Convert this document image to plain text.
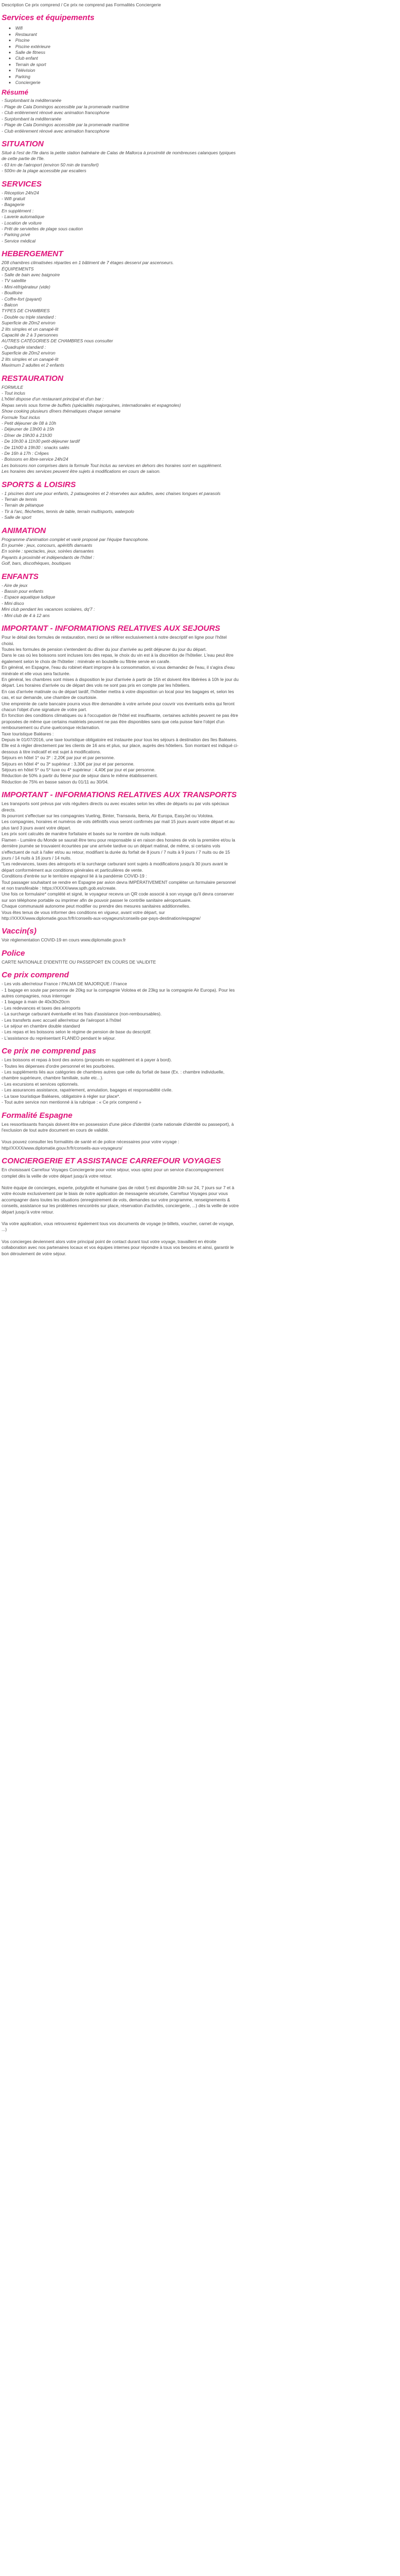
Description Ce prix comprend / Ce prix ne comprend pas Formalités Conciergerie

Services et équipements
• Wifi
• Restaurant
• Piscine
• Piscine extérieure
• Salle de fitness
• Club enfant
• Terrain de sport
• Télévision
• Parking
• Conciergerie
Résumé

- Surplombant la méditerranée

- Plage de Cala Domingos accessible par la promenade maritime

- Club entièrement rénové avec animation francophone

- Surplombant la méditerranée

- Plage de Cala Domingos accessible par la promenade maritime

- Club entièrement rénové avec animation francophone

SITUATION

Situé à l'est de l'île dans la petite station balnéaire de Calas de Mallorca à proximité de nombreuses calanques typiques

de cette partie de l'île.

- 63 km de l'aéroport (environ 50 min de transfert)

- 500m de la plage accessible par escaliers

SERVICES

- Réception 24h/24

- Wifi gratuit

- Bagagerie

En supplément :

- Laverie automatique

- Location de voiture

- Prêt de serviettes de plage sous caution

- Parking privé

- Service médical

HEBERGEMENT

208 chambres climatisées réparties en 1 bâtiment de 7 étages desservi par ascenseurs.

ÉQUIPEMENTS

- Salle de bain avec baignoire

- TV satellite

- Mini-réfrigérateur (vide)

- Bouilloire

- Coffre-fort (payant)

- Balcon

TYPES DE CHAMBRES

- Double ou triple standard :

Superficie de 20m2 environ

2 lits simples et un canapé-lit

Capacité de 2 à 3 personnes

AUTRES CATÉGORIES DE CHAMBRES nous consulter

- Quadruple standard :

Superficie de 20m2 environ

2 lits simples et un canapé-lit

Maximum 2 adultes et 2 enfants

RESTAURATION

FORMULE

- Tout inclus

L'hôtel dispose d'un restaurant principal et d'un bar :

Repas servis sous forme de buffets (spécialités majorquines, internationales et espagnoles)

Show cooking plusieurs dîners thématiques chaque semaine

Formule Tout inclus

- Petit déjeuner de 08 à 10h

- Déjeuner de 13h00 à 15h

- Dîner de 19h30 à 21h30

- De 10h30 à 11h30 petit-déjeuner tardif

- De 11h00 à 19h30 : snacks salés

- De 16h à 17h : Crêpes

- Boissons en libre-service 24h/24

Les boissons non comprises dans la formule Tout inclus au services en dehors des horaires sont en supplément.

Les horaires des services peuvent être sujets à modifications en cours de saison.

SPORTS & LOISIRS

- 1 piscines dont une pour enfants, 2 pataugeoires et 2 réservées aux adultes, avec chaises longues et parasols

- Terrain de tennis

- Terrain de pétanque

- Tir à l'arc, fléchettes, tennis de table, terrain multisports, waterpolo

- Salle de sport

ANIMATION

Programme d'animation complet et varié proposé par l'équipe francophone.

En journée : jeux, concours, apéritifs dansants

En soirée : spectacles, jeux, soirées dansantes

Payants à proximité et indépendants de l'hôtel :

Golf, bars, discothèques, boutiques

ENFANTS

- Aire de jeux

- Bassin pour enfants

- Espace aquatique ludique

- Mini disco

Mini club pendant les vacances scolaires, dq'7 :

- Mini club de 4 à 12 ans

IMPORTANT - INFORMATIONS RELATIVES AUX SEJOURS

Pour le détail des formules de restauration, merci de se référer exclusivement à notre descriptif en ligne pour l'hôtel

choisi.

Toutes les formules de pension s'entendent du dîner du jour d'arrivée au petit déjeuner du jour du départ.

Dans le cas où les boissons sont incluses lors des repas, le choix du vin est à la discrétion de l'hôtelier. L'eau peut être

également selon le choix de l'hôtelier : minérale en bouteille ou filtrée servie en carafe.

En général, en Espagne, l'eau du robinet étant impropre à la consommation, si vous demandez de l'eau, il s'agira d'eau

minérale et elle vous sera facturée.

En général, les chambres sont mises à disposition le jour d'arrivée à partir de 15h et doivent être libérées à 10h le jour du

départ. Les horaires d'arrivée ou de départ des vols ne sont pas pris en compte par les hôteliers.

En cas d'arrivée matinale ou de départ tardif, l'hôtelier mettra à votre disposition un local pour les bagages et, selon les

cas, et sur demande, une chambre de courtoisie.

Une empreinte de carte bancaire pourra vous être demandée à votre arrivée pour couvrir vos éventuels extra qui feront

chacun l'objet d'une signature de votre part.

En fonction des conditions climatiques ou à l'occupation de l'hôtel est insuffisante, certaines activités peuvent ne pas être

proposées de même que certains matériels peuvent ne pas être disponibles sans que cela puisse faire l'objet d'un

remboursement ou d'une quelconque réclamation.

Taxe touristique Baléares :

Depuis le 01/07/2016, une taxe touristique obligatoire est instaurée pour tous les séjours à destination des îles Baléares.

Elle est à régler directement par les clients de 16 ans et plus, sur place, auprès des hôteliers. Son montant est indiqué ci-

dessous à titre indicatif et est sujet à modifications.

Séjours en hôtel 1* ou 3* : 2,20€ par jour et par personne.

Séjours en hôtel 4* ou 3* supérieur : 3,30€ par jour et par personne.

Séjours en hôtel 5* ou 5* luxe ou 4* supérieur : 4,40€ par jour et par personne.

Réduction de 50% à partir du 9ème jour de séjour dans le même établissement.

Réduction de 75% en basse saison du 01/11 au 30/04.

IMPORTANT - INFORMATIONS RELATIVES AUX TRANSPORTS

Les transports sont prévus par vols réguliers directs ou avec escales selon les villes de départs ou par vols spéciaux

directs.

Ils pourront s'effectuer sur les compagnies Vueling, Binter, Transavia, Iberia, Air Europa, EasyJet ou Volotea.

Les compagnies, horaires et numéros de vols définitifs vous seront confirmés par mail 15 jours avant votre départ et au

plus tard 3 jours avant votre départ.

Les prix sont calculés de manière forfaitaire et basés sur le nombre de nuits indiqué.

Flamen - Lumière du Monde se saurait être tenu pour responsable si en raison des horaires de vols la première et/ou la

dernière journée se trouvaient écourtées par une arrivée tardive ou un départ matinal, de même, si certains vols

s'effectuent de nuit à l'aller et/ou au retour, modifiant la durée du forfait de 8 jours / 7 nuits à 9 jours / 7 nuits ou de 15

jours / 14 nuits à 16 jours / 14 nuits.

"Les redevances, taxes des aéroports et la surcharge carburant sont sujets à modifications jusqu'à 30 jours avant le

départ conformément aux conditions générales et particulières de vente.

Conditions d'entrée sur le territoire espagnol lié à la pandémie COVID-19 :

Tout passager souhaitant se rendre en Espagne par avion devra IMPÉRATIVEMENT compléter un formulaire personnel

et non transférable : https://XXXX/www.spth.gob.es/create.

Une fois ce formulaire* complété et signé, le voyageur recevra un QR code associé à son voyage qu'il devra conserver

sur son téléphone portable ou imprimer afin de pouvoir passer le contrôle sanitaire aéroportuaire.

Chaque communauté autonome peut modifier ou prendre des mesures sanitaires additionnelles.

Vous êtes tenus de vous informer des conditions en vigueur, avant votre départ, sur

http://XXXX/www.diplomatie.gouv.fr/fr/conseils-aux-voyageurs/conseils-par-pays-destination/espagne/

Vaccin(s)

Voir réglementation COVID-19 en cours www.diplomatie.gouv.fr

Police

CARTE NATIONALE D'IDENTITE OU PASSEPORT EN COURS DE VALIDITE

Ce prix comprend

- Les vols aller/retour France / PALMA DE MAJORQUE / France

- 1 bagage en soute par personne de 20kg sur la compagnie Volotea et de 23kg sur la compagnie Air Europa). Pour les

autres compagnies, nous interroger

- 1 bagage à main de 40x30x20cm

- Les redevances et taxes des aéroports

- La surcharge carburant éventuelle et les frais d'assistance (non-remboursables).

- Les transferts avec accueil aller/retour de l'aéroport à l'hôtel

- Le séjour en chambre double standard

- Les repas et les boissons selon le régime de pension de base du descriptif.

- L'assistance du représentant FLANEO pendant le séjour.

Ce prix ne comprend pas

- Les boissons et repas à bord des avions (proposés en supplément et à payer à bord).

- Toutes les dépenses d'ordre personnel et les pourboires.

- Les suppléments liés aux catégories de chambres autres que celle du forfait de base (Ex. : chambre individuelle,

chambre supérieure, chambre familiale, suite etc...).

- Les excursions et services optionnels.

- Les assurances assistance, rapatriement, annulation, bagages et responsabilité civile.

- La taxe touristique Baléares, obligatoire à régler sur place*.

- Tout autre service non mentionné à la rubrique : « Ce prix comprend »

Formalité Espagne

Les ressortissants français doivent être en possession d'une pièce d'identité (carte nationale d'identité ou passeport), à

l'exclusion de tout autre document en cours de validité.

Vous pouvez consulter les formalités de santé et de police nécessaires pour votre voyage :

http//XXXX/www.diplomatie.gouv.fr/fr/conseils-aux-voyageurs/

CONCIERGERIE ET ASSISTANCE CARREFOUR VOYAGES

En choisissant Carrefour Voyages Conciergerie pour votre séjour, vous optez pour un service d'accompagnement

complet dès la veille de votre départ jusqu'à votre retour.

Notre équipe de concierges, experte, polyglotte et humaine (pas de robot !) est disponible 24h sur 24, 7 jours sur 7 et à

votre écoute exclusivement par le biais de notre application de messagerie sécurisée, Carrefour Voyages pour vous

accompagner dans toutes les situations (enregistrement de vols, demandes sur votre programme, renseignements &

conseils, assistance sur les problèmes rencontrés sur place, réservation d'activités, conciergerie, ...) dès la veille de votre

départ jusqu'à votre retour.

Via votre application, vous retrouverez également tous vos documents de voyage (e-billets, voucher, carnet de voyage,

...)

Vos concierges deviennent alors votre principal point de contact durant tout votre voyage, travaillent en étroite

collaboration avec nos partenaires locaux et vos équipes internes pour répondre à tous vos besoins et ainsi, garantir le

bon déroulement de votre séjour.
